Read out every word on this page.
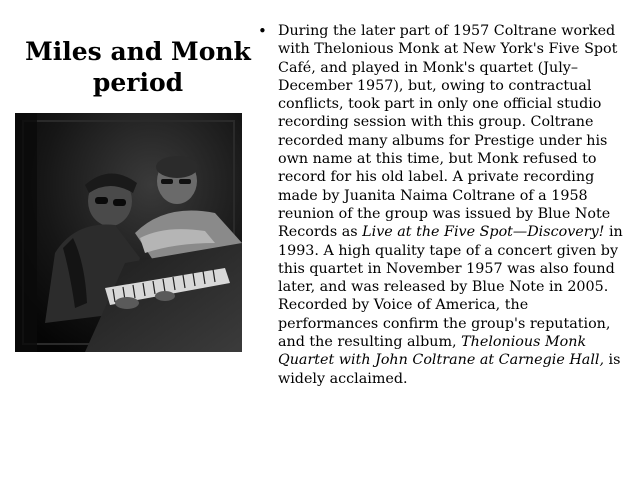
Miles and Monk period
• During the later part of 1957 Coltrane worked with Thelonious Monk at New York's Five Spot Café, and played in Monk's quartet (July–December 1957), but, owing to contractual conflicts, took part in only one official studio recording session with this group. Coltrane recorded many albums for Prestige under his own name at this time, but Monk refused to record for his old label. A private recording made by Juanita Naima Coltrane of a 1958 reunion of the group was issued by Blue Note Records as Live at the Five Spot—Discovery! in 1993. A high quality tape of a concert given by this quartet in November 1957 was also found later, and was released by Blue Note in 2005. Recorded by Voice of America, the performances confirm the group's reputation, and the resulting album, Thelonious Monk Quartet with John Coltrane at Carnegie Hall, is widely acclaimed.
